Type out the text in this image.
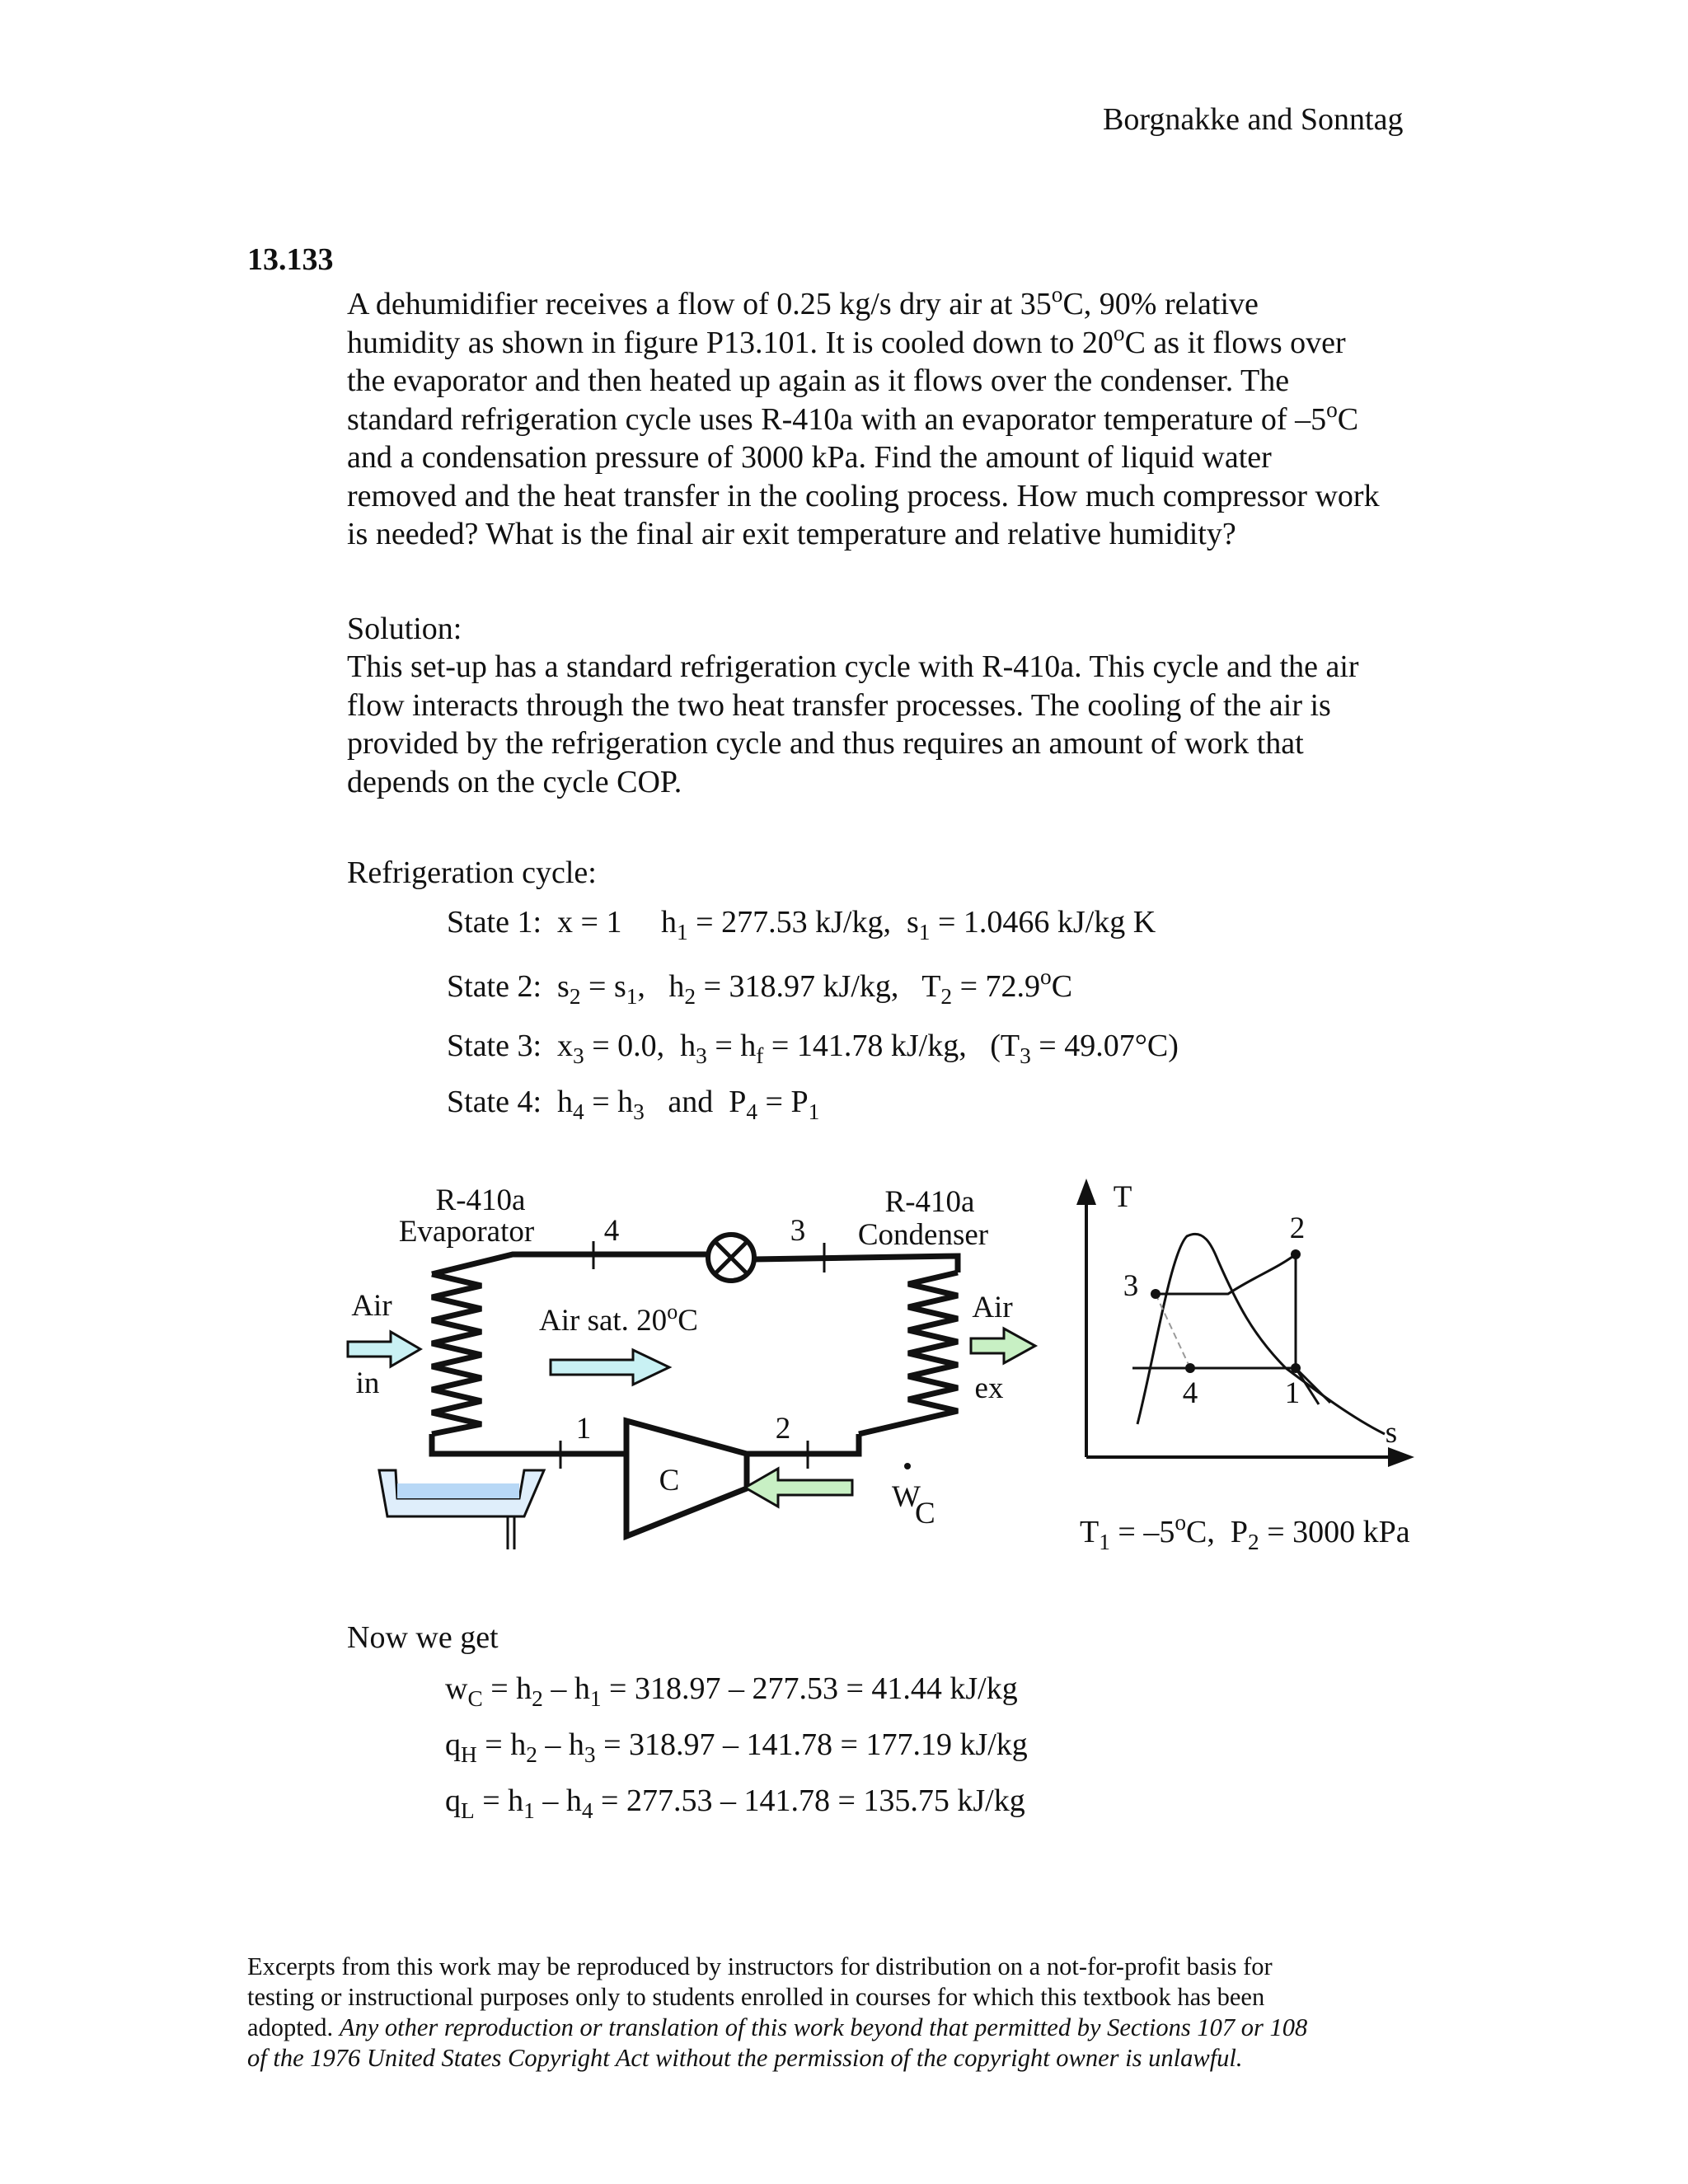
Borgnakke and Sonntag
13.133
A dehumidifier receives a flow of 0.25 kg/s dry air at 35$^o$C, 90% relative
humidity as shown in figure P13.101. It is cooled down to 20$^o$C as it flows over
the evaporator and then heated up again as it flows over the condenser. The
standard refrigeration cycle uses R-410a with an evaporator temperature of –5$^o$C
and a condensation pressure of 3000 kPa. Find the amount of liquid water
removed and the heat transfer in the cooling process. How much compressor work
is needed? What is the final air exit temperature and relative humidity?
Solution:
This set-up has a standard refrigeration cycle with R-410a. This cycle and the air
flow interacts through the two heat transfer processes. The cooling of the air is
provided by the refrigeration cycle and thus requires an amount of work that
depends on the cycle COP.
Refrigeration cycle:
State 1:  x = 1     $h_1 = 277.53$ kJ/kg,  $s_1 = 1.0466$ kJ/kg K
State 2:  $s_2 = s_1$,   $h_2 = 318.97$ kJ/kg,   $T_2 = 72.9^oC$
State 3:  $x_3 = 0.0$,  $h_3 = h_f = 141.78$ kJ/kg,   $(T_3 = 49.07^\circ C)$
State 4:  $h_4 = h_3$   and  $P_4 = P_1$
R-410a
Evaporator
R-410a
Condenser
4	3
1	2
C	W
C
Air
in
Air sat. 20$^o$C	Air
ex
T
s
2
3
4	1
$T_1 = -5^oC$,  $P_2 = 3000$ kPa
Now we get
$w_C = h_2 - h_1 = 318.97 - 277.53 = 41.44$ kJ/kg
$q_H = h_2 - h_3 = 318.97 - 141.78 = 177.19$ kJ/kg
$q_L = h_1 - h_4 = 277.53 - 141.78 = 135.75$ kJ/kg
Excerpts from this work may be reproduced by instructors for distribution on a not-for-profit basis for
testing or instructional purposes only to students enrolled in courses for which this textbook has been
adopted. Any other reproduction or translation of this work beyond that permitted by Sections 107 or 108
of the 1976 United States Copyright Act without the permission of the copyright owner is unlawful.
